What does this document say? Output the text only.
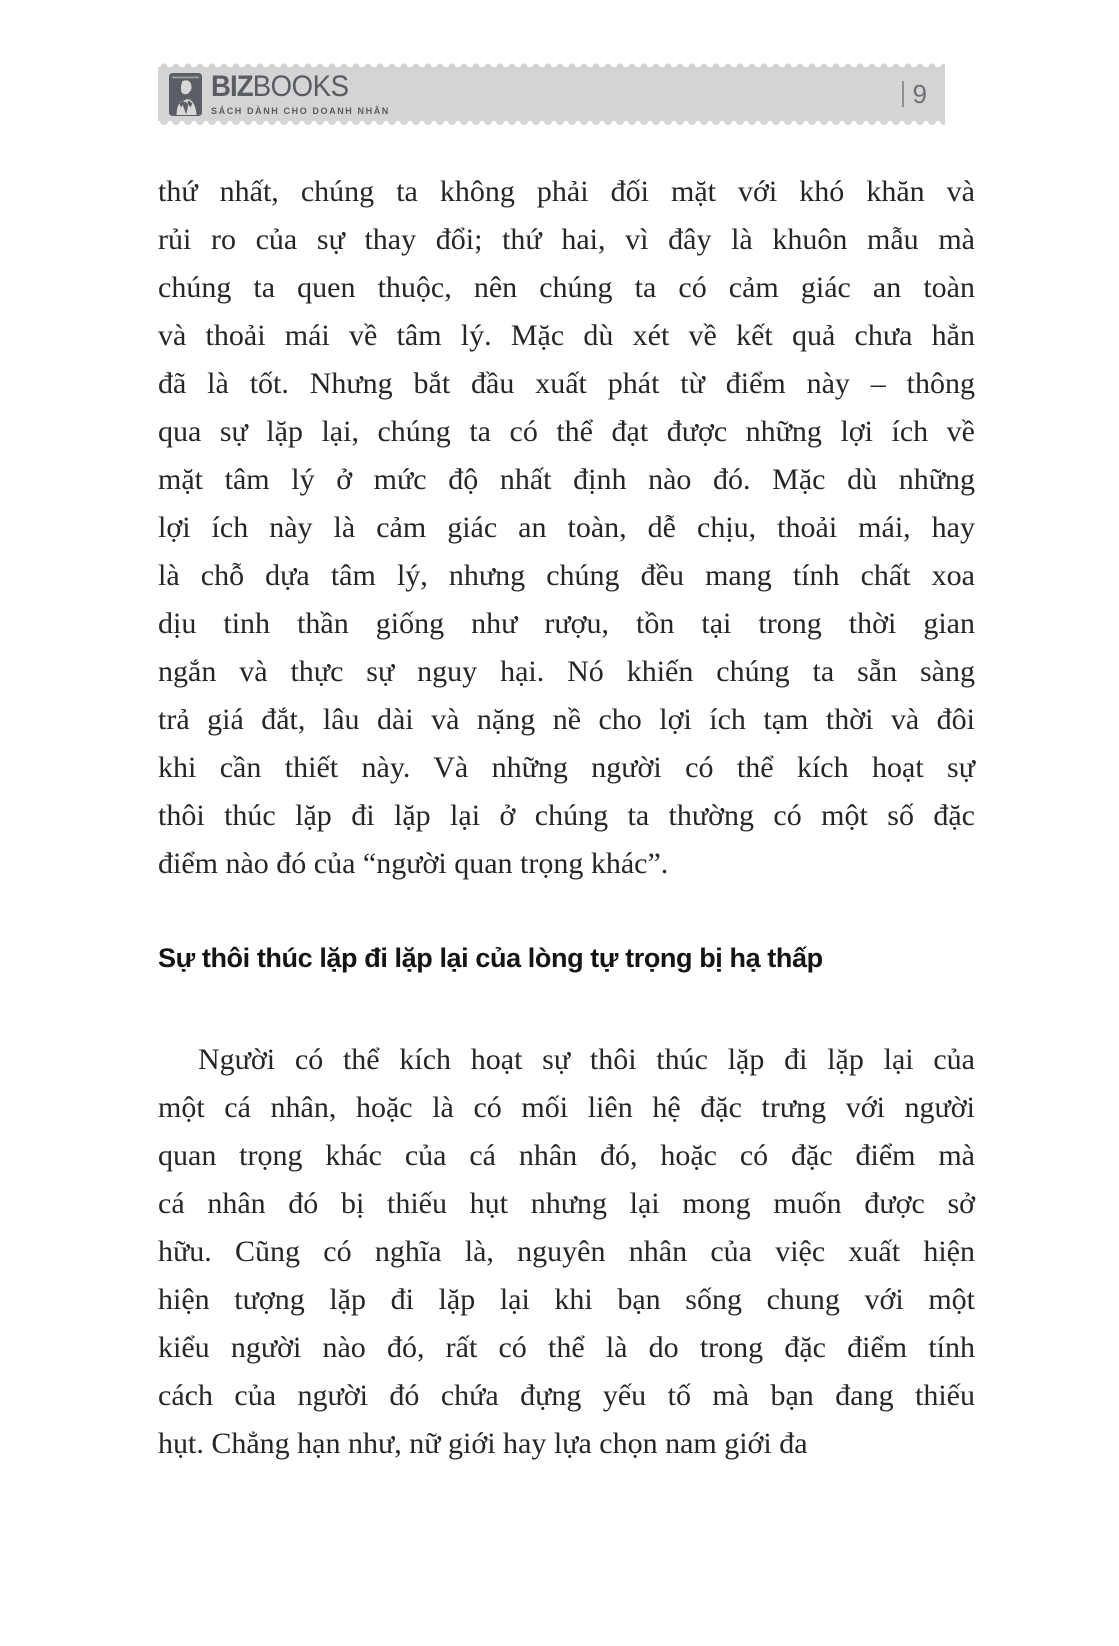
BIZBOOKS
SÁCH DÀNH CHO DOANH NHÂN
9
thứ nhất, chúng ta không phải đối mặt với khó khăn và
rủi ro của sự thay đổi; thứ hai, vì đây là khuôn mẫu mà
chúng ta quen thuộc, nên chúng ta có cảm giác an toàn
và thoải mái về tâm lý. Mặc dù xét về kết quả chưa hẳn
đã là tốt. Nhưng bắt đầu xuất phát từ điểm này – thông
qua sự lặp lại, chúng ta có thể đạt được những lợi ích về
mặt tâm lý ở mức độ nhất định nào đó. Mặc dù những
lợi ích này là cảm giác an toàn, dễ chịu, thoải mái, hay
là chỗ dựa tâm lý, nhưng chúng đều mang tính chất xoa
dịu tinh thần giống như rượu, tồn tại trong thời gian
ngắn và thực sự nguy hại. Nó khiến chúng ta sẵn sàng
trả giá đắt, lâu dài và nặng nề cho lợi ích tạm thời và đôi
khi cần thiết này. Và những người có thể kích hoạt sự
thôi thúc lặp đi lặp lại ở chúng ta thường có một số đặc
điểm nào đó của “người quan trọng khác”.
Sự thôi thúc lặp đi lặp lại của lòng tự trọng bị hạ thấp
Người có thể kích hoạt sự thôi thúc lặp đi lặp lại của
một cá nhân, hoặc là có mối liên hệ đặc trưng với người
quan trọng khác của cá nhân đó, hoặc có đặc điểm mà
cá nhân đó bị thiếu hụt nhưng lại mong muốn được sở
hữu. Cũng có nghĩa là, nguyên nhân của việc xuất hiện
hiện tượng lặp đi lặp lại khi bạn sống chung với một
kiểu người nào đó, rất có thể là do trong đặc điểm tính
cách của người đó chứa đựng yếu tố mà bạn đang thiếu
hụt. Chẳng hạn như, nữ giới hay lựa chọn nam giới đa
